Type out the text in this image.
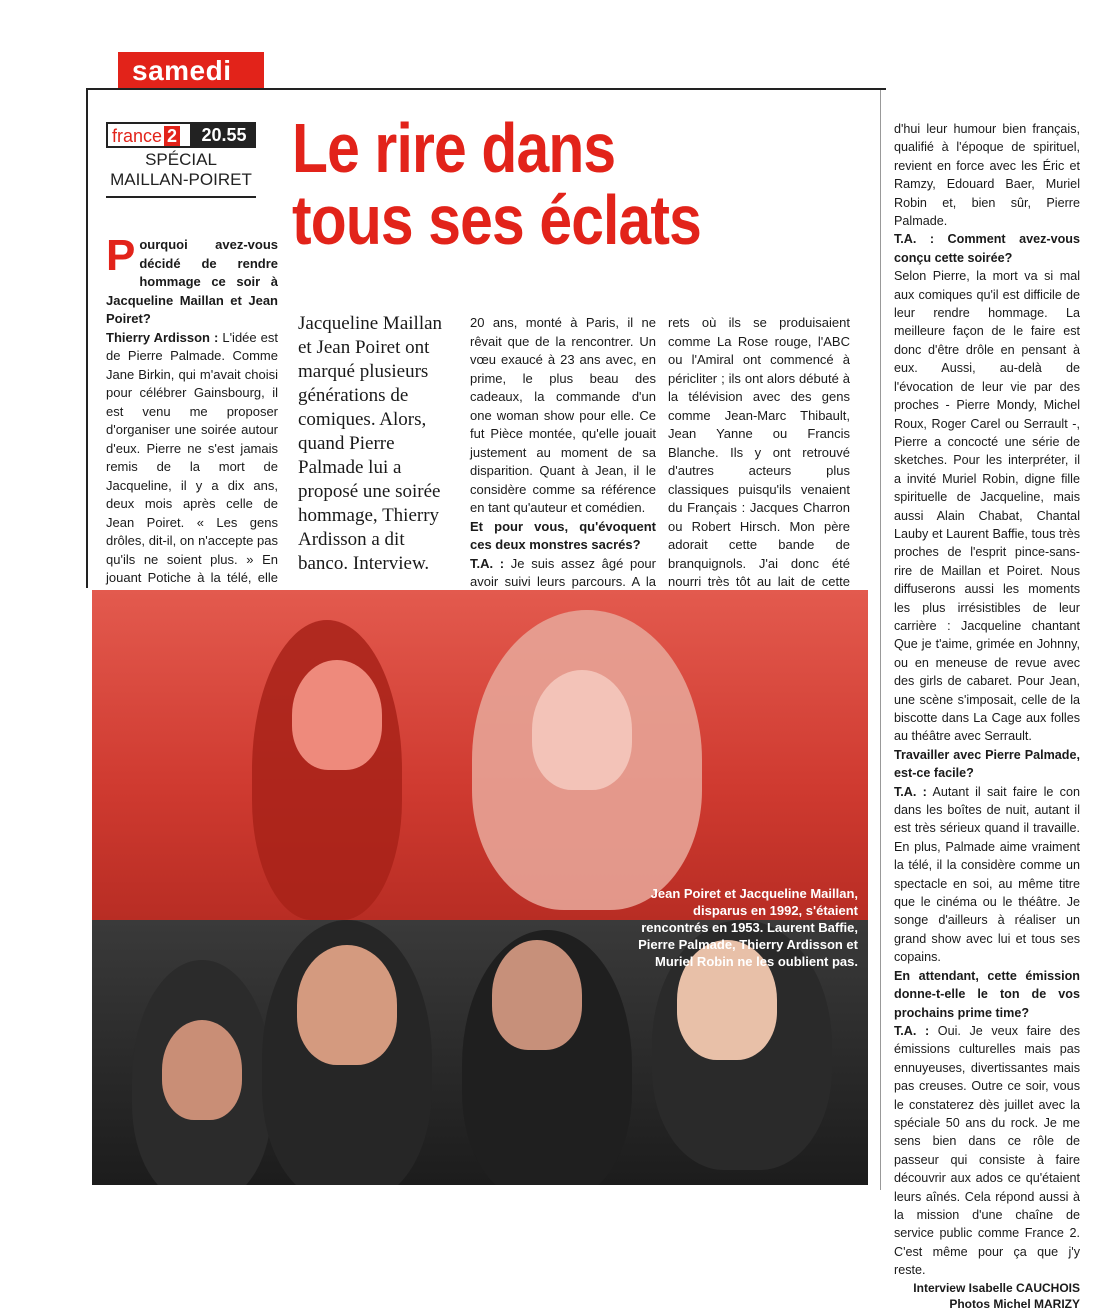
samedi
france 2	20.55
SPÉCIAL
MAILLAN-POIRET Le rire dans
tous ses éclats

Pourquoi avez-vous décidé de rendre hommage ce soir à Jacqueline Maillan et Jean Poiret?

Thierry Ardisson : L'idée est de Pierre Palmade. Comme Jane Birkin, qui m'avait choisi pour célébrer Gainsbourg, il est venu me proposer d'organiser une soirée autour d'eux. Pierre ne s'est jamais remis de la mort de Jacqueline, il y a dix ans, deux mois après celle de Jean Poiret. « Les gens drôles, dit-il, on n'accepte pas qu'ils ne soient plus. » En jouant Potiche à la télé, elle

Jacqueline Maillan et Jean Poiret ont marqué plusieurs générations de comiques. Alors, quand Pierre Palmade lui a proposé une soirée hommage, Thierry Ardisson a dit banco. Interview.

20 ans, monté à Paris, il ne rêvait que de la rencontrer. Un vœu exaucé à 23 ans avec, en prime, le plus beau des cadeaux, la commande d'un one woman show pour elle. Ce fut Pièce montée, qu'elle jouait justement au moment de sa disparition. Quant à Jean, il le considère comme sa référence en tant qu'auteur et comédien.

Et pour vous, qu'évoquent ces deux monstres sacrés?

T.A. : Je suis assez âgé pour avoir suivi leurs parcours. A la

rets où ils se produisaient comme La Rose rouge, l'ABC ou l'Amiral ont commencé à péricliter ; ils ont alors débuté à la télévision avec des gens comme Jean-Marc Thibault, Jean Yanne ou Francis Blanche. Ils y ont retrouvé d'autres acteurs plus classiques puisqu'ils venaient du Français : Jacques Charron ou Robert Hirsch. Mon père adorait cette bande de branquignols. J'ai donc été nourri très tôt au lait de cette

d'hui leur humour bien français, qualifié à l'époque de spirituel, revient en force avec les Éric et Ramzy, Edouard Baer, Muriel Robin et, bien sûr, Pierre Palmade.

T.A. : Comment avez-vous conçu cette soirée?

Selon Pierre, la mort va si mal aux comiques qu'il est difficile de leur rendre hommage. La meilleure façon de le faire est donc d'être drôle en pensant à eux. Aussi, au-delà de l'évocation de leur vie par des proches - Pierre Mondy, Michel Roux, Roger Carel ou Serrault -, Pierre a concocté une série de sketches. Pour les interpréter, il a invité Muriel Robin, digne fille spirituelle de Jacqueline, mais aussi Alain Chabat, Chantal Lauby et Laurent Baffie, tous très proches de l'esprit pince-sans-rire de Maillan et Poiret. Nous diffuserons aussi les moments les plus irrésistibles de leur carrière : Jacqueline chantant Que je t'aime, grimée en Johnny, ou en meneuse de revue avec des girls de cabaret. Pour Jean, une scène s'imposait, celle de la biscotte dans La Cage aux folles au théâtre avec Serrault.

Travailler avec Pierre Palmade, est-ce facile?

T.A. : Autant il sait faire le con dans les boîtes de nuit, autant il est très sérieux quand il travaille. En plus, Palmade aime vraiment la télé, il la considère comme un spectacle en soi, au même titre que le cinéma ou le théâtre. Je songe d'ailleurs à réaliser un grand show avec lui et tous ses copains.

En attendant, cette émission donne-t-elle le ton de vos prochains prime time?

T.A. : Oui. Je veux faire des émissions culturelles mais pas ennuyeuses, divertissantes mais pas creuses. Outre ce soir, vous le constaterez dès juillet avec la spéciale 50 ans du rock. Je me sens bien dans ce rôle de passeur qui consiste à faire découvrir aux ados ce qu'étaient leurs aînés. Cela répond aussi à la mission d'une chaîne de service public comme France 2. C'est même pour ça que j'y reste.

Interview Isabelle CAUCHOIS
Photos Michel MARIZY
Jean Poiret et Jacqueline Maillan, disparus en 1992, s'étaient rencontrés en 1953. Laurent Baffie, Pierre Palmade, Thierry Ardisson et Muriel Robin ne les oublient pas.
